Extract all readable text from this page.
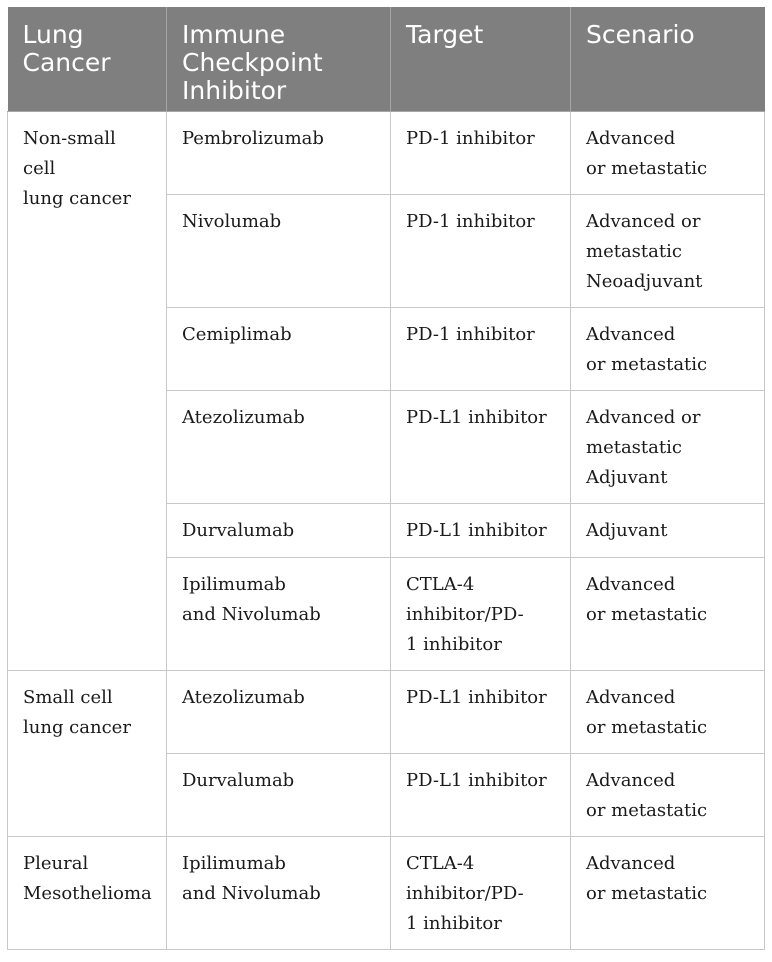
Lung
Cancer	Immune
Checkpoint
Inhibitor	Target	Scenario

Non-small
cell
lung cancer	Pembrolizumab	PD-1 inhibitor	Advanced
or metastatic

	Nivolumab	PD-1 inhibitor	Advanced or
metastatic
Neoadjuvant

	Cemiplimab	PD-1 inhibitor	Advanced
or metastatic

	Atezolizumab	PD-L1 inhibitor	Advanced or
metastatic
Adjuvant

	Durvalumab	PD-L1 inhibitor	Adjuvant

	Ipilimumab
and Nivolumab	CTLA-4
inhibitor/PD-
1 inhibitor	Advanced
or metastatic

Small cell
lung cancer	Atezolizumab	PD-L1 inhibitor	Advanced
or metastatic

	Durvalumab	PD-L1 inhibitor	Advanced
or metastatic

Pleural
Mesothelioma	Ipilimumab
and Nivolumab	CTLA-4
inhibitor/PD-
1 inhibitor	Advanced
or metastatic
